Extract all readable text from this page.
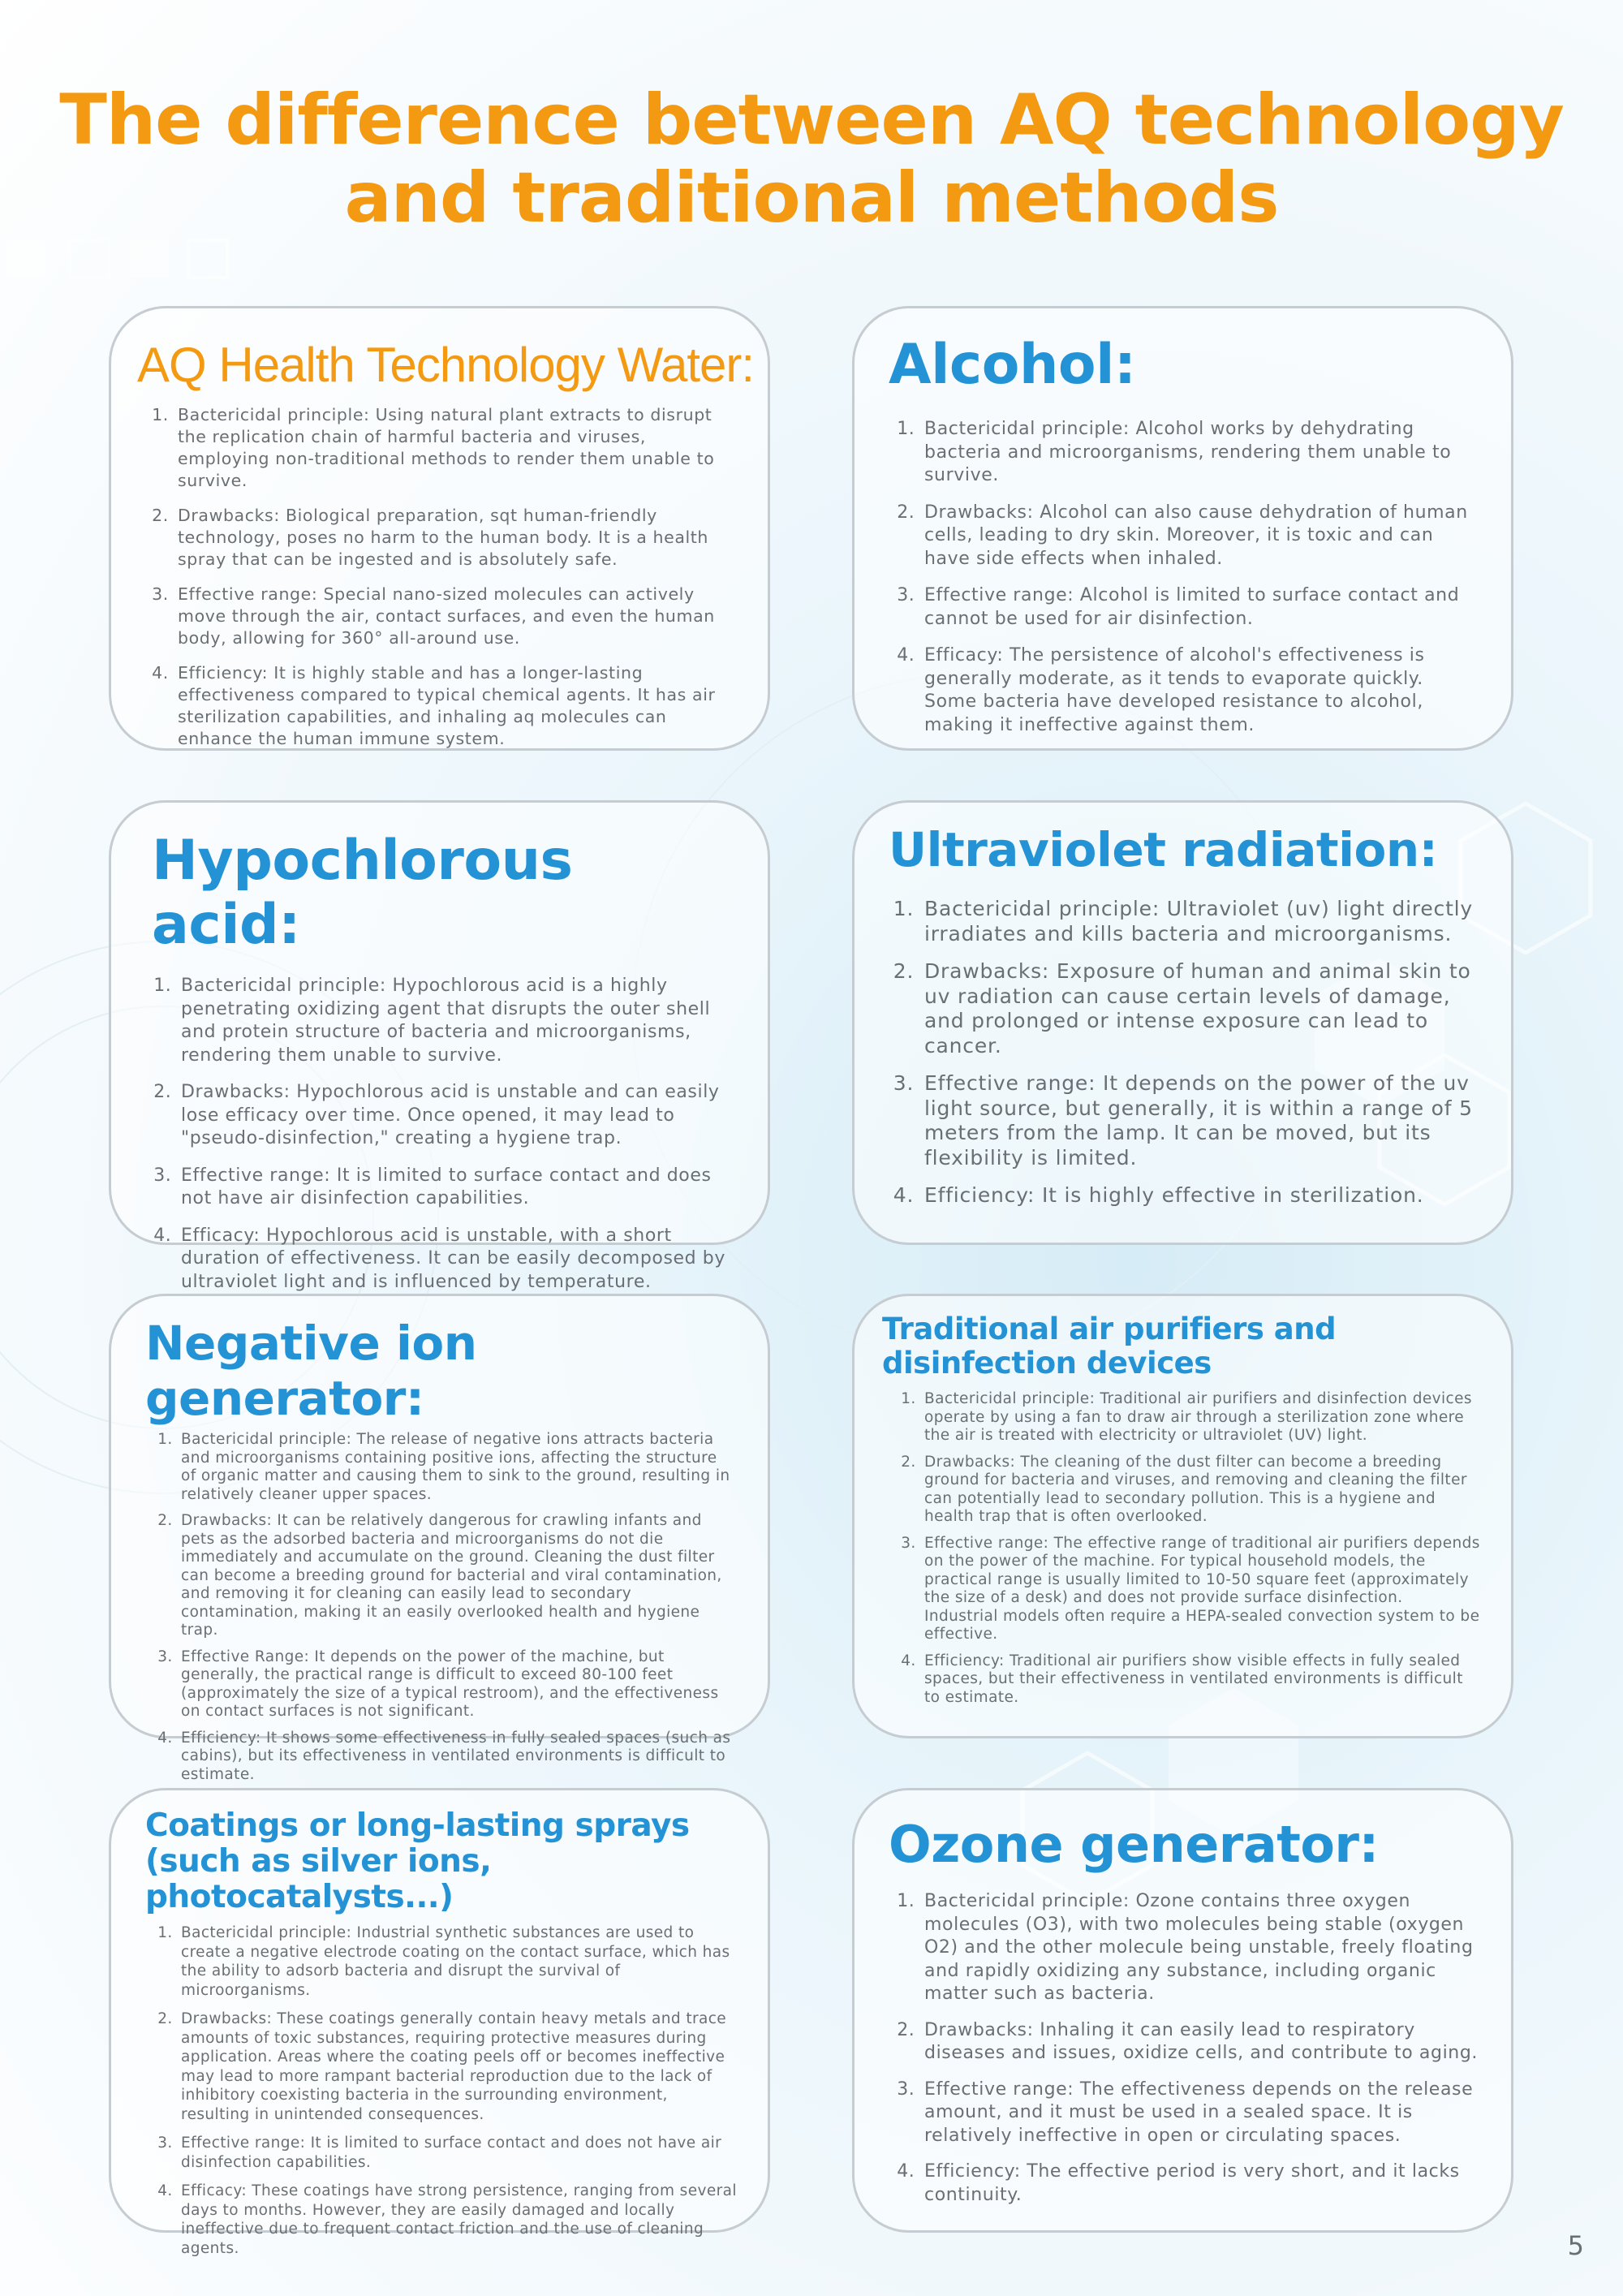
The difference between AQ technology
and traditional methods
AQ Health Technology Water:
1. Bactericidal principle: Using natural plant extracts to disrupt the replication chain of harmful bacteria and viruses, employing non-traditional methods to render them unable to survive.
2. Drawbacks: Biological preparation, sqt human-friendly technology, poses no harm to the human body. It is a health spray that can be ingested and is absolutely safe.
3. Effective range: Special nano-sized molecules can actively move through the air, contact surfaces, and even the human body, allowing for 360° all-around use.
4. Efficiency: It is highly stable and has a longer-lasting effectiveness compared to typical chemical agents. It has air sterilization capabilities, and inhaling aq molecules can enhance the human immune system.
Alcohol:
1. Bactericidal principle: Alcohol works by dehydrating bacteria and microorganisms, rendering them unable to survive.
2. Drawbacks: Alcohol can also cause dehydration of human cells, leading to dry skin. Moreover, it is toxic and can have side effects when inhaled.
3. Effective range: Alcohol is limited to surface contact and cannot be used for air disinfection.
4. Efficacy: The persistence of alcohol's effectiveness is generally moderate, as it tends to evaporate quickly. Some bacteria have developed resistance to alcohol, making it ineffective against them.
Hypochlorous acid:
1. Bactericidal principle: Hypochlorous acid is a highly penetrating oxidizing agent that disrupts the outer shell and protein structure of bacteria and microorganisms, rendering them unable to survive.
2. Drawbacks: Hypochlorous acid is unstable and can easily lose efficacy over time. Once opened, it may lead to "pseudo-disinfection," creating a hygiene trap.
3. Effective range: It is limited to surface contact and does not have air disinfection capabilities.
4. Efficacy: Hypochlorous acid is unstable, with a short duration of effectiveness. It can be easily decomposed by ultraviolet light and is influenced by temperature.
Ultraviolet radiation:
1. Bactericidal principle: Ultraviolet (uv) light directly irradiates and kills bacteria and microorganisms.
2. Drawbacks: Exposure of human and animal skin to uv radiation can cause certain levels of damage, and prolonged or intense exposure can lead to cancer.
3. Effective range: It depends on the power of the uv light source, but generally, it is within a range of 5 meters from the lamp. It can be moved, but its flexibility is limited.
4. Efficiency: It is highly effective in sterilization.
Negative ion generator:
1. Bactericidal principle: The release of negative ions attracts bacteria and microorganisms containing positive ions, affecting the structure of organic matter and causing them to sink to the ground, resulting in relatively cleaner upper spaces.
2. Drawbacks: It can be relatively dangerous for crawling infants and pets as the adsorbed bacteria and microorganisms do not die immediately and accumulate on the ground. Cleaning the dust filter can become a breeding ground for bacterial and viral contamination, and removing it for cleaning can easily lead to secondary contamination, making it an easily overlooked health and hygiene trap.
3. Effective Range: It depends on the power of the machine, but generally, the practical range is difficult to exceed 80-100 feet (approximately the size of a typical restroom), and the effectiveness on contact surfaces is not significant.
4. Efficiency: It shows some effectiveness in fully sealed spaces (such as cabins), but its effectiveness in ventilated environments is difficult to estimate.
Traditional air purifiers and disinfection devices
1. Bactericidal principle: Traditional air purifiers and disinfection devices operate by using a fan to draw air through a sterilization zone where the air is treated with electricity or ultraviolet (UV) light.
2. Drawbacks: The cleaning of the dust filter can become a breeding ground for bacteria and viruses, and removing and cleaning the filter can potentially lead to secondary pollution. This is a hygiene and health trap that is often overlooked.
3. Effective range: The effective range of traditional air purifiers depends on the power of the machine. For typical household models, the practical range is usually limited to 10-50 square feet (approximately the size of a desk) and does not provide surface disinfection. Industrial models often require a HEPA-sealed convection system to be effective.
4. Efficiency: Traditional air purifiers show visible effects in fully sealed spaces, but their effectiveness in ventilated environments is difficult to estimate.
Coatings or long-lasting sprays (such as silver ions, photocatalysts...)
1. Bactericidal principle: Industrial synthetic substances are used to create a negative electrode coating on the contact surface, which has the ability to adsorb bacteria and disrupt the survival of microorganisms.
2. Drawbacks: These coatings generally contain heavy metals and trace amounts of toxic substances, requiring protective measures during application. Areas where the coating peels off or becomes ineffective may lead to more rampant bacterial reproduction due to the lack of inhibitory coexisting bacteria in the surrounding environment, resulting in unintended consequences.
3. Effective range: It is limited to surface contact and does not have air disinfection capabilities.
4. Efficacy: These coatings have strong persistence, ranging from several days to months. However, they are easily damaged and locally ineffective due to frequent contact friction and the use of cleaning agents.
Ozone generator:
1. Bactericidal principle: Ozone contains three oxygen molecules (O3), with two molecules being stable (oxygen O2) and the other molecule being unstable, freely floating and rapidly oxidizing any substance, including organic matter such as bacteria.
2. Drawbacks: Inhaling it can easily lead to respiratory diseases and issues, oxidize cells, and contribute to aging.
3. Effective range: The effectiveness depends on the release amount, and it must be used in a sealed space. It is relatively ineffective in open or circulating spaces.
4. Efficiency: The effective period is very short, and it lacks continuity.
5
